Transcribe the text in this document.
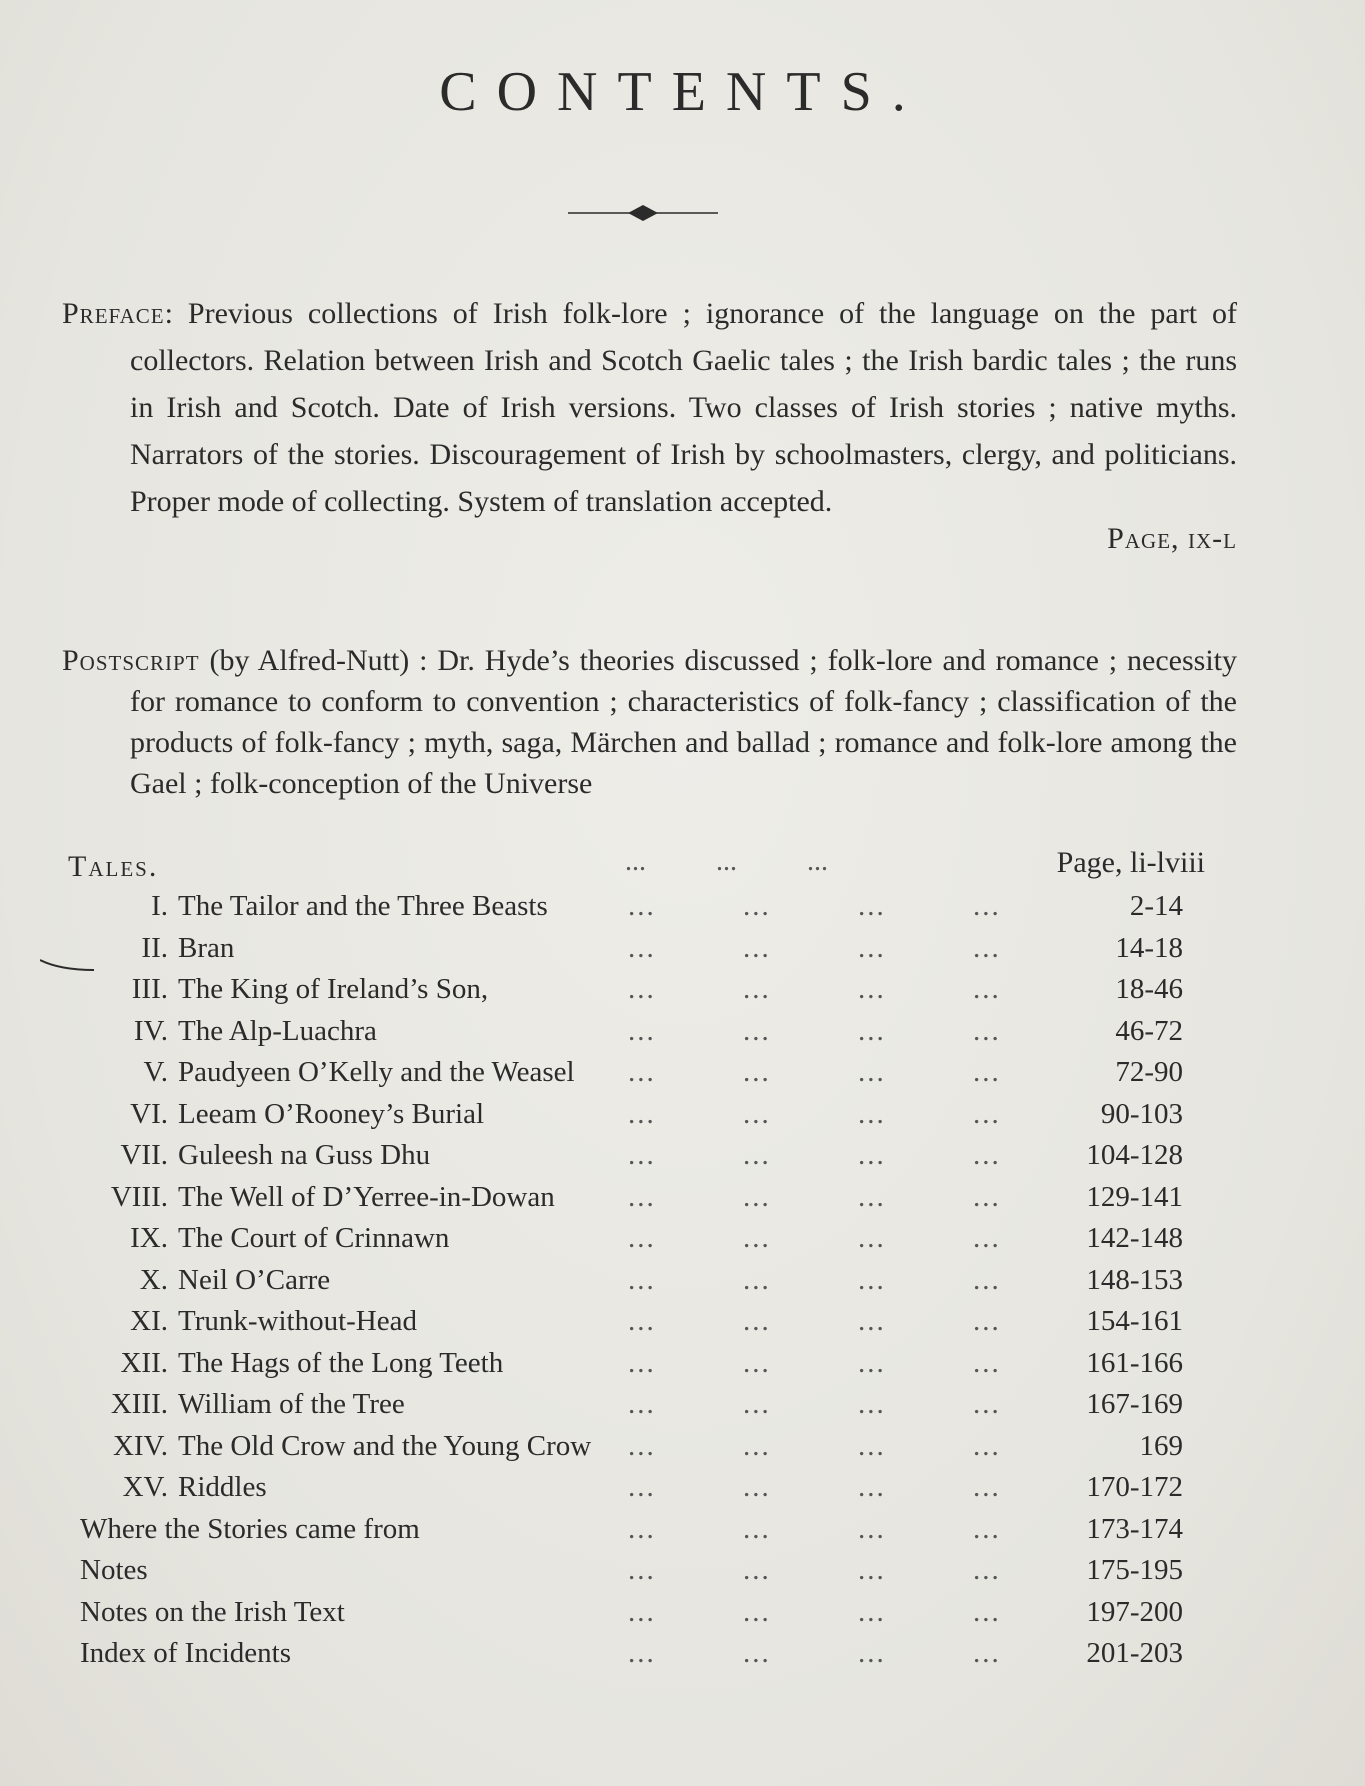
CONTENTS.

Preface: Previous collections of Irish folk-lore ; ignorance of the language on the part of collectors. Relation between Irish and Scotch Gaelic tales ; the Irish bardic tales ; the runs in Irish and Scotch. Date of Irish versions. Two classes of Irish stories ; native myths. Narrators of the stories. Discouragement of Irish by schoolmasters, clergy, and politicians. Proper mode of collecting. System of translation accepted.

Page, ix-l

Postscript (by Alfred-Nutt) : Dr. Hyde’s theories discussed ; folk-lore and romance ; necessity for romance to conform to convention ; characteristics of folk-fancy ; classification of the products of folk-fancy ; myth, saga, Märchen and ballad ; romance and folk-lore among the Gael ; folk-conception of the Universe

...          ...          ...	Page, li-lviii
Tales.
I. The Tailor and the Three Beasts	...	...	...	...	2-14
II. Bran	...	...	...	...	14-18
III. The King of Ireland’s Son,	...	...	...	...	18-46
IV. The Alp-Luachra	...	...	...	...	46-72
V. Paudyeen O’Kelly and the Weasel ...	...	...	...	72-90
VI. Leeam O’Rooney’s Burial	...	...	...	...	90-103
VII. Guleesh na Guss Dhu	...	...	...	...	104-128
VIII. The Well of D’Yerree-in-Dowan	...	...	...	...	129-141
IX. The Court of Crinnawn	...	...	...	...	142-148
X. Neil O’Carre	...	...	...	...	148-153
XI. Trunk-without-Head	...	...	...	...	154-161
XII. The Hags of the Long Teeth	...	...	...	...	161-166
XIII. William of the Tree	...	...	...	...	167-169
XIV. The Old Crow and the Young Crow ...	...	...	...	169
XV. Riddles	...	...	...	...	170-172
Where the Stories came from	...	...	...	...	173-174
Notes	...	...	...	...	175-195
Notes on the Irish Text	...	...	...	...	197-200
Index of Incidents	...	...	...	...	201-203
